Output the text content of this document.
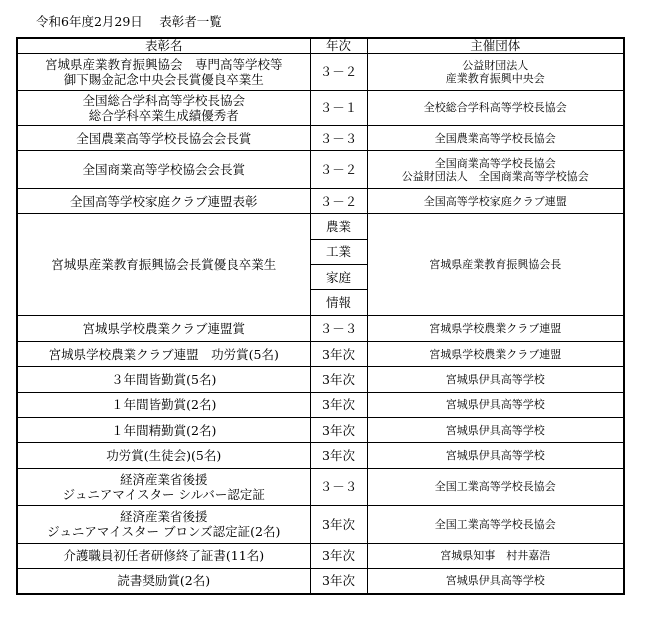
令和6年度2月29日　 表彰者一覧
表彰名	年次	主催団体

宮城県産業教育振興協会　専門高等学校等
御下賜金記念中央会長賞優良卒業生	３－２	公益財団法人
産業教育振興中央会

全国総合学科高等学校長協会
総合学科卒業生成績優秀者	３－１	全校総合学科高等学校長協会

全国農業高等学校長協会会長賞	３－３	全国農業高等学校長協会

全国商業高等学校協会会長賞	３－２	全国商業高等学校長協会
公益財団法人　全国商業高等学校協会

全国高等学校家庭クラブ連盟表彰	３－２	全国高等学校家庭クラブ連盟

宮城県産業教育振興協会長賞優良卒業生	農業	宮城県産業教育振興協会長
	工業	
	家庭	
	情報	

宮城県学校農業クラブ連盟賞	３－３	宮城県学校農業クラブ連盟

宮城県学校農業クラブ連盟　功労賞(5名)	3年次	宮城県学校農業クラブ連盟

３年間皆勤賞(5名)	3年次	宮城県伊具高等学校

１年間皆勤賞(2名)	3年次	宮城県伊具高等学校

１年間精勤賞(2名)	3年次	宮城県伊具高等学校

功労賞(生徒会)(5名)	3年次	宮城県伊具高等学校

経済産業省後援
ジュニアマイスター シルバー認定証	３－３	全国工業高等学校長協会

経済産業省後援
ジュニアマイスター ブロンズ認定証(2名)	3年次	全国工業高等学校長協会

介護職員初任者研修終了証書(11名)	3年次	宮城県知事　村井嘉浩

読書奨励賞(2名)	3年次	宮城県伊具高等学校
